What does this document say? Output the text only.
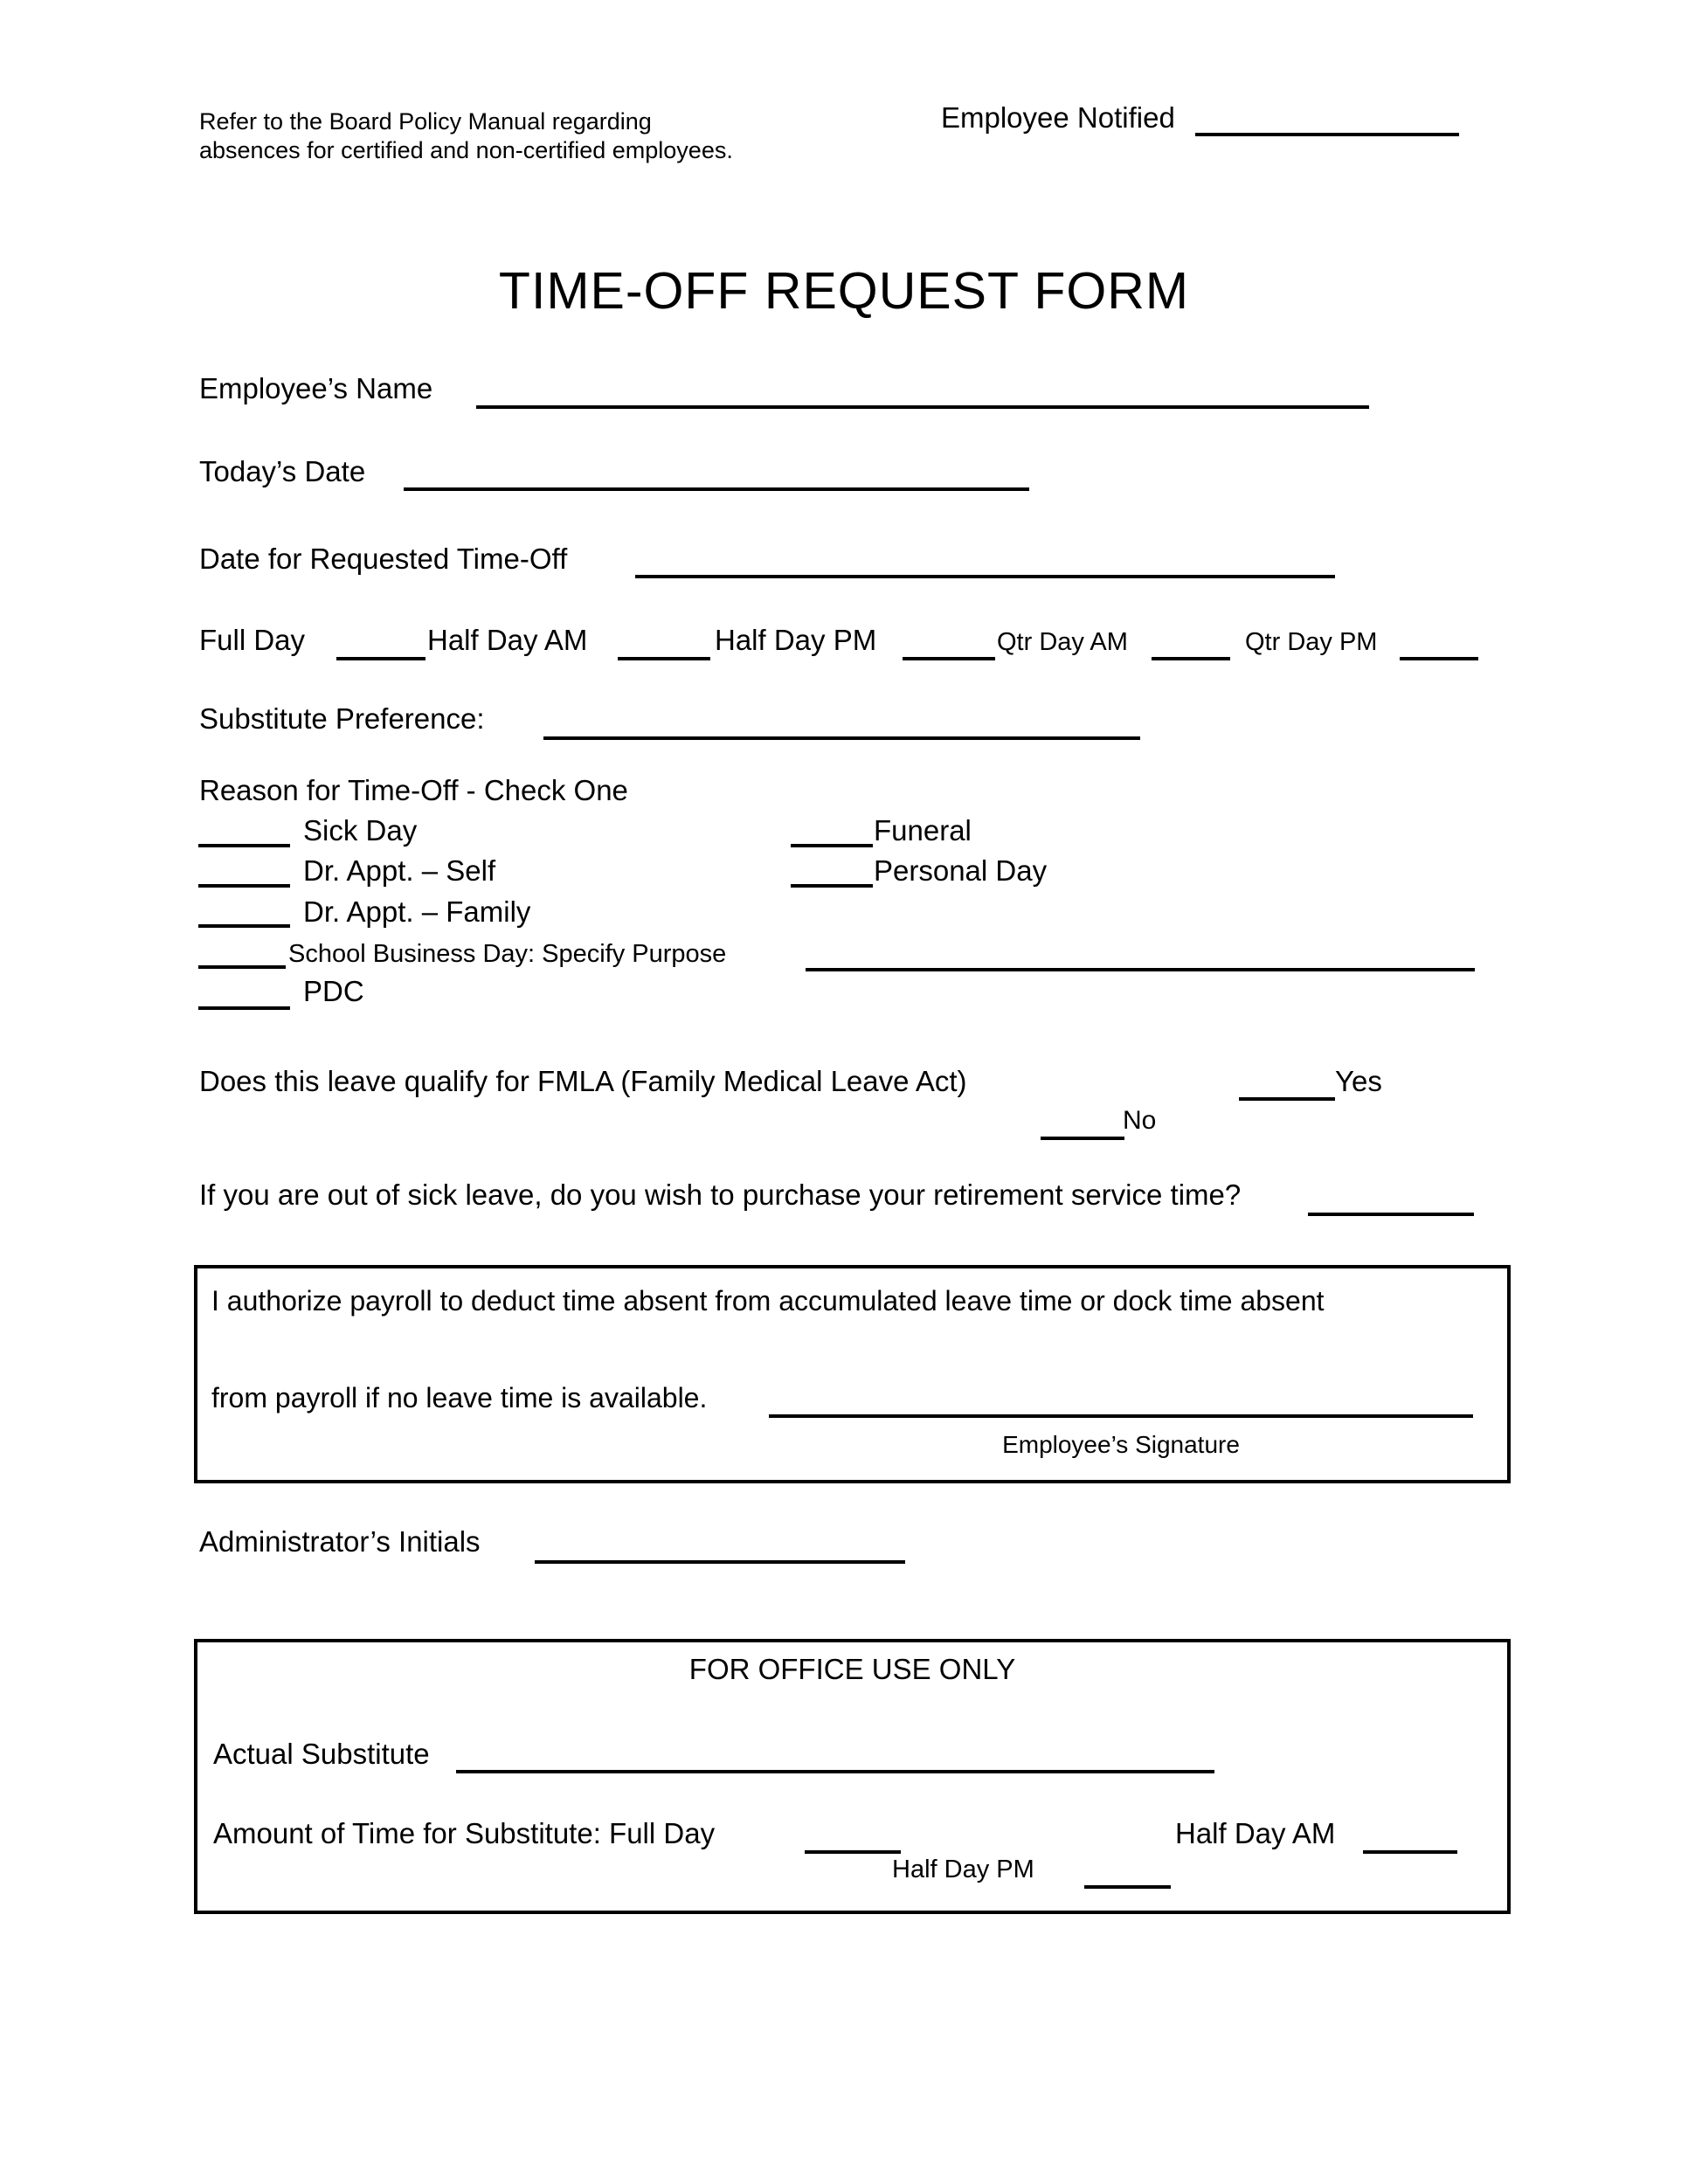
Refer to the Board Policy Manual regarding
absences for certified and non-certified employees.
Employee Notified
TIME-OFF REQUEST FORM
Employee’s Name
Today’s Date
Date for Requested Time-Off
Full Day	Half Day AM	Half Day PM	Qtr Day AM	Qtr Day PM
Substitute Preference:
Reason for Time-Off - Check One
Sick Day	Funeral
Dr. Appt. – Self	Personal Day
Dr. Appt. – Family
School Business Day: Specify Purpose
PDC
Does this leave qualify for FMLA (Family Medical Leave Act)	Yes
No
If you are out of sick leave, do you wish to purchase your retirement service time?
I authorize payroll to deduct time absent from accumulated leave time or dock time absent
from payroll if no leave time is available.
Employee’s Signature
Administrator’s Initials
FOR OFFICE USE ONLY
Actual Substitute
Amount of Time for Substitute: Full Day	Half Day AM
Half Day PM
